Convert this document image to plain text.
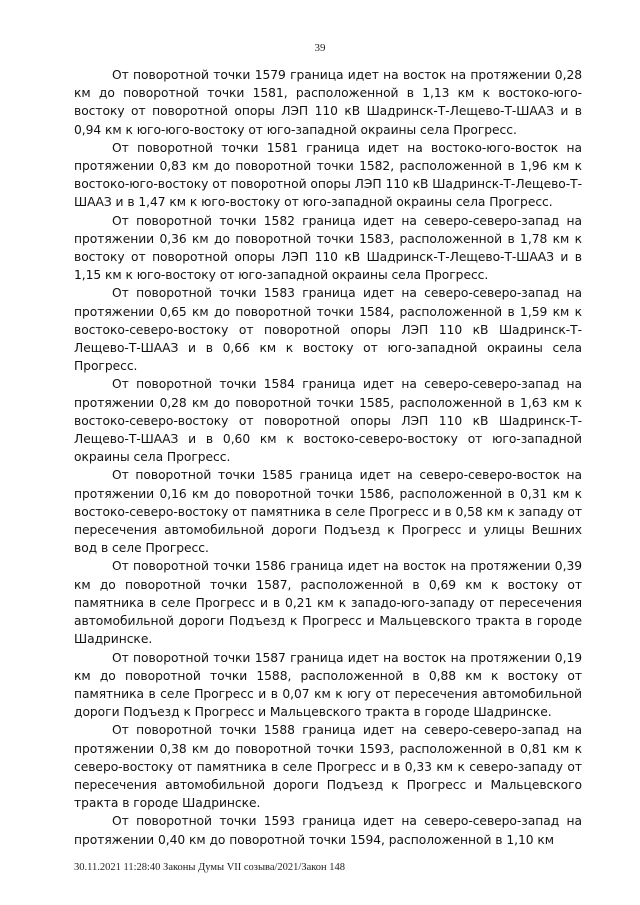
39

От поворотной точки 1579 граница идет на восток на протяжении 0,28 км до поворотной точки 1581, расположенной в 1,13 км к востоко-юго-востоку от поворотной опоры ЛЭП 110 кВ Шадринск-Т-Лещево-Т-ШААЗ и в 0,94 км к юго-юго-востоку от юго-западной окраины села Прогресс.

От поворотной точки 1581 граница идет на востоко-юго-восток на протяжении 0,83 км до поворотной точки 1582, расположенной в 1,96 км к востоко-юго-востоку от поворотной опоры ЛЭП 110 кВ Шадринск-Т-Лещево-Т-ШААЗ и в 1,47 км к юго-востоку от юго-западной окраины села Прогресс.

От поворотной точки 1582 граница идет на северо-северо-запад на протяжении 0,36 км до поворотной точки 1583, расположенной в 1,78 км к востоку от поворотной опоры ЛЭП 110 кВ Шадринск-Т-Лещево-Т-ШААЗ и в 1,15 км к юго-востоку от юго-западной окраины села Прогресс.

От поворотной точки 1583 граница идет на северо-северо-запад на протяжении 0,65 км до поворотной точки 1584, расположенной в 1,59 км к востоко-северо-востоку от поворотной опоры ЛЭП 110 кВ Шадринск-Т-Лещево-Т-ШААЗ и в 0,66 км к востоку от юго-западной окраины села Прогресс.

От поворотной точки 1584 граница идет на северо-северо-запад на протяжении 0,28 км до поворотной точки 1585, расположенной в 1,63 км к востоко-северо-востоку от поворотной опоры ЛЭП 110 кВ Шадринск-Т-Лещево-Т-ШААЗ и в 0,60 км к востоко-северо-востоку от юго-западной окраины села Прогресс.

От поворотной точки 1585 граница идет на северо-северо-восток на протяжении 0,16 км до поворотной точки 1586, расположенной в 0,31 км к востоко-северо-востоку от памятника в селе Прогресс и в 0,58 км к западу от пересечения автомобильной дороги Подъезд к Прогресс и улицы Вешних вод в селе Прогресс.

От поворотной точки 1586 граница идет на восток на протяжении 0,39 км до поворотной точки 1587, расположенной в 0,69 км к востоку от памятника в селе Прогресс и в 0,21 км к западо-юго-западу от пересечения автомобильной дороги Подъезд к Прогресс и Мальцевского тракта в городе Шадринске.

От поворотной точки 1587 граница идет на восток на протяжении 0,19 км до поворотной точки 1588, расположенной в 0,88 км к востоку от памятника в селе Прогресс и в 0,07 км к югу от пересечения автомобильной дороги Подъезд к Прогресс и Мальцевского тракта в городе Шадринске.

От поворотной точки 1588 граница идет на северо-северо-запад на протяжении 0,38 км до поворотной точки 1593, расположенной в 0,81 км к северо-востоку от памятника в селе Прогресс и в 0,33 км к северо-западу от пересечения автомобильной дороги Подъезд к Прогресс и Мальцевского тракта в городе Шадринске.

От поворотной точки 1593 граница идет на северо-северо-запад на протяжении 0,40 км до поворотной точки 1594, расположенной в 1,10 км

30.11.2021 11:28:40 Законы Думы VII созыва/2021/Закон 148
